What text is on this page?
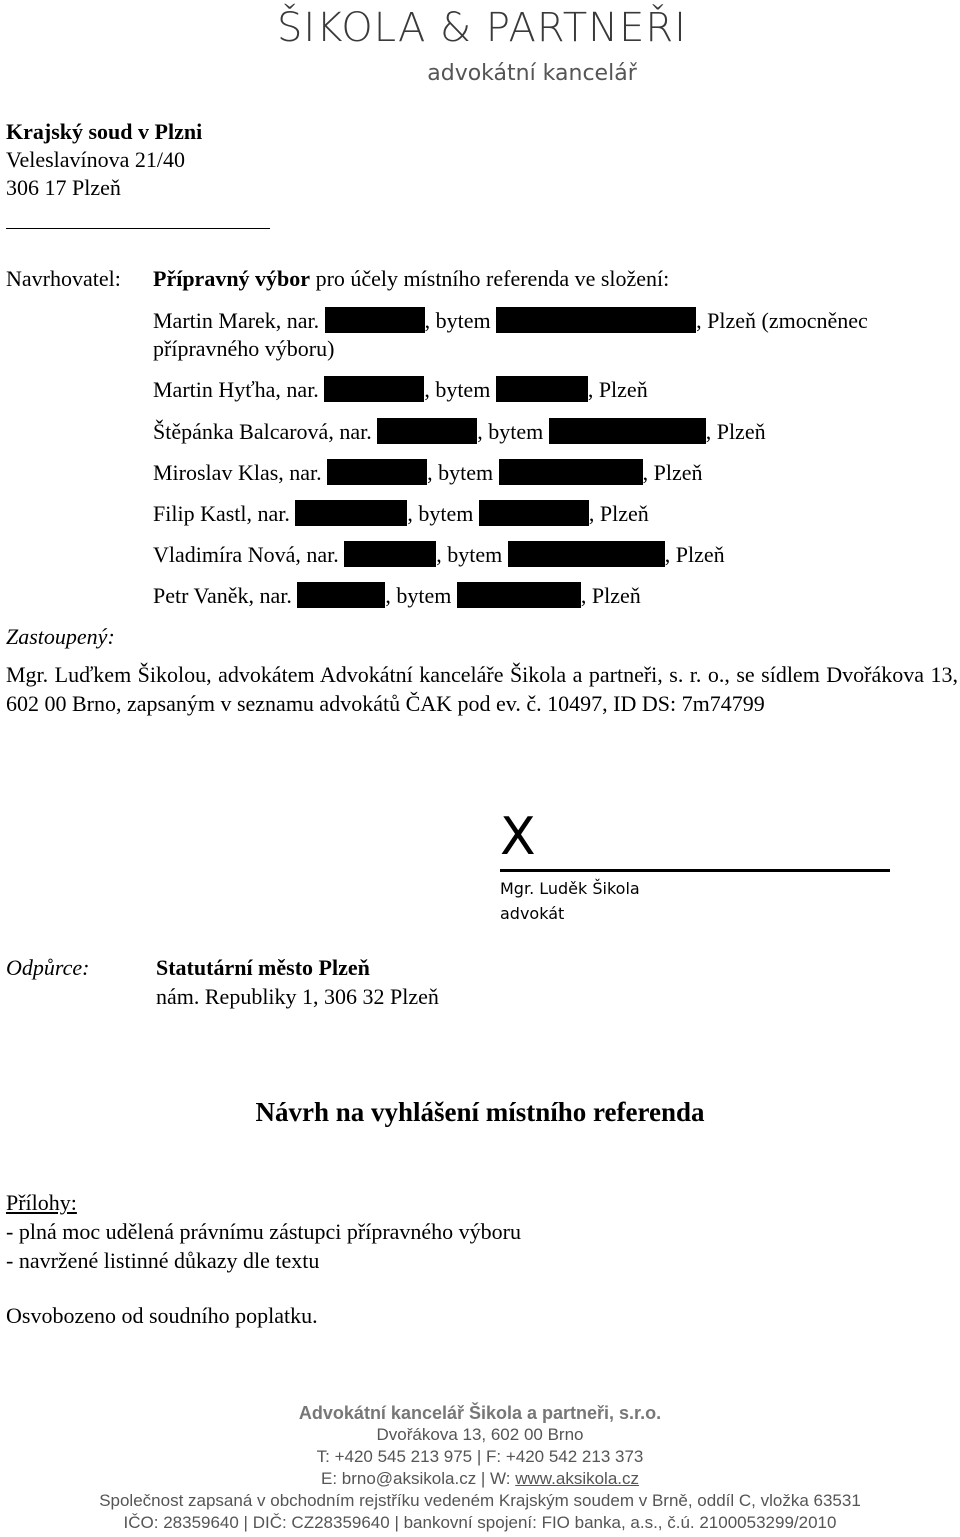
ŠIKOLA & PARTNEŘI
advokátní kancelář
Krajský soud v Plzni
Veleslavínova 21/40
306 17 Plzeň
Navrhovatel: Přípravný výbor pro účely místního referenda ve složení:
Martin Marek, nar.	, bytem	, Plzeň (zmocněnec
přípravného výboru)
Martin Hyťha, nar.	, bytem	, Plzeň
Štěpánka Balcarová, nar.	, bytem	, Plzeň
Miroslav Klas, nar.	, bytem	, Plzeň
Filip Kastl, nar.	, bytem	, Plzeň
Vladimíra Nová, nar.	, bytem	, Plzeň
Petr Vaněk, nar.	, bytem	, Plzeň
Zastoupený:
Mgr. Luďkem Šikolou, advokátem Advokátní kanceláře Šikola a partneři, s. r. o., se sídlem Dvořákova 13, 602 00 Brno, zapsaným v seznamu advokátů ČAK pod ev. č. 10497, ID DS: 7m74799
X
Mgr. Luděk Šikola
advokát
Odpůrce:	Statutární město Plzeň
nám. Republiky 1, 306 32 Plzeň
Návrh na vyhlášení místního referenda
Přílohy:
- plná moc udělená právnímu zástupci přípravného výboru
- navržené listinné důkazy dle textu
Osvobozeno od soudního poplatku.
Advokátní kancelář Šikola a partneři, s.r.o.
Dvořákova 13, 602 00 Brno
T: +420 545 213 975 | F: +420 542 213 373
E: brno@aksikola.cz | W: www.aksikola.cz
Společnost zapsaná v obchodním rejstříku vedeném Krajským soudem v Brně, oddíl C, vložka 63531
IČO: 28359640 | DIČ: CZ28359640 | bankovní spojení: FIO banka, a.s., č.ú. 2100053299/2010
